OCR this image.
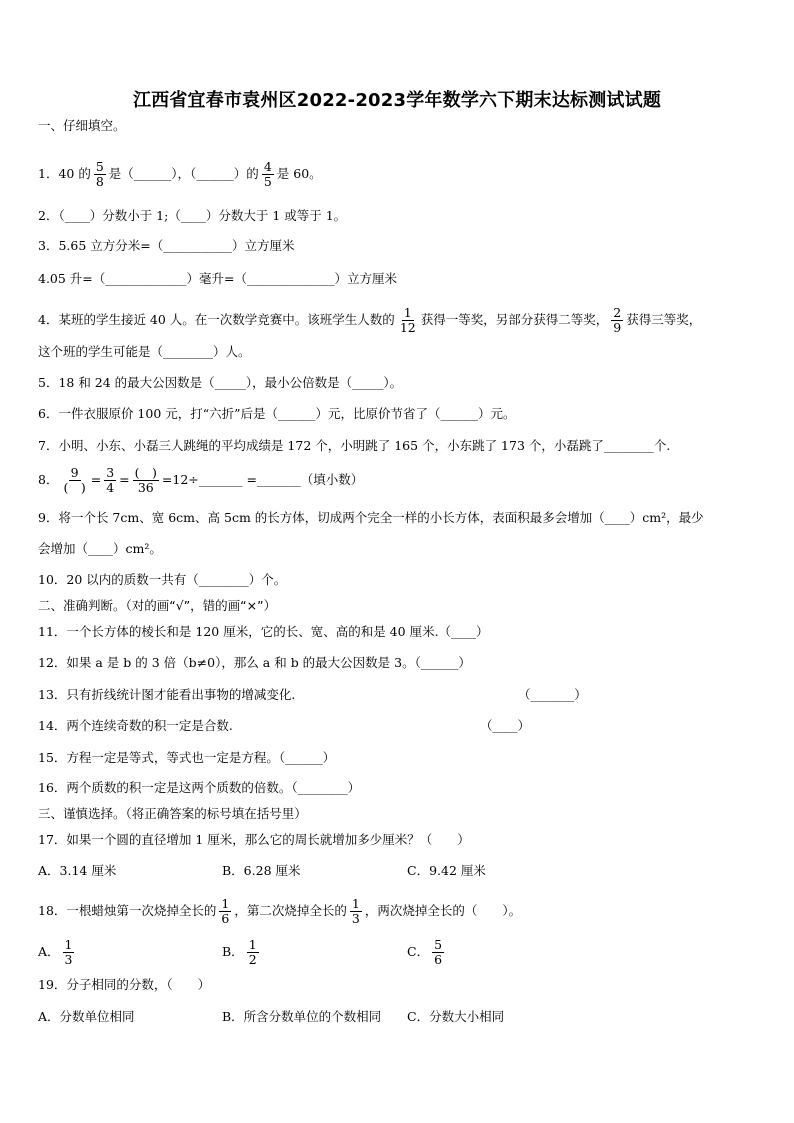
江西省宜春市袁州区2022-2023学年数学六下期末达标测试试题
一、仔细填空。
1．40 的 $\frac{5}{8}$ 是（______），（______）的 $\frac{4}{5}$ 是 60。
2．（____）分数小于 1;（____）分数大于 1 或等于 1。
3．5.65 立方分米=（___________）立方厘米
4.05 升=（_____________）毫升=（______________）立方厘米
4．某班的学生接近 40 人。在一次数学竞赛中。该班学生人数的 $\frac{1}{12}$ 获得一等奖，另部分获得二等奖， $\frac{2}{9}$ 获得三等奖，
这个班的学生可能是（________）人。
5．18 和 24 的最大公因数是（_____），最小公倍数是（_____）。
6．一件衣服原价 100 元，打“六折”后是（______）元，比原价节省了（______）元。
7．小明、小东、小磊三人跳绳的平均成绩是 172 个，小明跳了 165 个，小东跳了 173 个，小磊跳了________个.
8． $\frac{9}{( )} = \frac{3}{4} = \frac{( )}{36}$ =12÷_______ =_______（填小数）
9．将一个长 7cm、宽 6cm、高 5cm 的长方体，切成两个完全一样的小长方体，表面积最多会增加（____）cm²，最少
会增加（____）cm²。
10．20 以内的质数一共有（________）个。
二、准确判断。（对的画“√”，错的画“×”）
11．一个长方体的棱长和是 120 厘米，它的长、宽、高的和是 40 厘米.（____）
12．如果 a 是 b 的 3 倍（b≠0），那么 a 和 b 的最大公因数是 3。（______）
13．只有折线统计图才能看出事物的增减变化.	（_______）
14．两个连续奇数的积一定是合数.	（____）
15．方程一定是等式，等式也一定是方程。（______）
16．两个质数的积一定是这两个质数的倍数。（________）
三、谨慎选择。（将正确答案的标号填在括号里）
17．如果一个圆的直径增加 1 厘米，那么它的周长就增加多少厘米？（　　）
A．3.14 厘米	B．6.28 厘米	C．9.42 厘米
18．一根蜡烛第一次烧掉全长的 $\frac{1}{6}$ ，第二次烧掉全长的 $\frac{1}{3}$ ，两次烧掉全长的（　　）。
A． $\frac{1}{3}$	B． $\frac{1}{2}$	C． $\frac{5}{6}$
19．分子相同的分数，（　　）
A．分数单位相同	B．所含分数单位的个数相同 C．分数大小相同
